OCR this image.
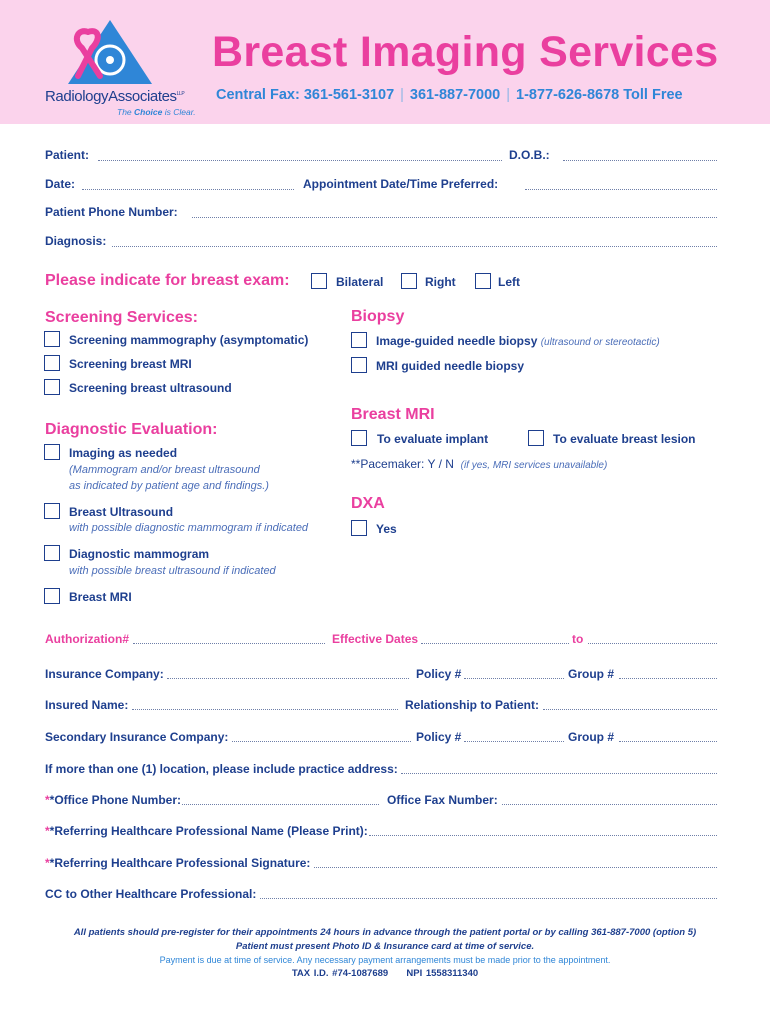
RadiologyAssociates$^{LLP}$
The Choice is Clear.
Breast Imaging Services
Central Fax: 361-561-3107 | 361-887-7000 | 1-877-626-8678 Toll Free
Patient:	D.O.B.:
Date:	Appointment Date/Time Preferred:
Patient Phone Number:
Diagnosis:
Please indicate for breast exam:	Bilateral	Right	Left
Screening Services:
Screening mammography (asymptomatic)
Screening breast MRI
Screening breast ultrasound
Biopsy
Image-guided needle biopsy (ultrasound or stereotactic)
MRI guided needle biopsy
Diagnostic Evaluation:
Imaging as needed
(Mammogram and/or breast ultrasound
as indicated by patient age and findings.)
Breast Ultrasound
with possible diagnostic mammogram if indicated
Diagnostic mammogram
with possible breast ultrasound if indicated
Breast MRI
Breast MRI
To evaluate implant	To evaluate breast lesion
**Pacemaker: Y / N (if yes, MRI services unavailable)
DXA
Yes
Authorization#	Effective Dates	to
Insurance Company:	Policy #	Group #
Insured Name:	Relationship to Patient:
Secondary Insurance Company:	Policy #	Group #
If more than one (1) location, please include practice address:
**Office Phone Number:	Office Fax Number:
**Referring Healthcare Professional Name (Please Print):
**Referring Healthcare Professional Signature:
CC to Other Healthcare Professional:
All patients should pre-register for their appointments 24 hours in advance through the patient portal or by calling 361-887-7000 (option 5)
Patient must present Photo ID & Insurance card at time of service.
Payment is due at time of service. Any necessary payment arrangements must be made prior to the appointment.
TAX I.D. #74-1087689 NPI 1558311340
